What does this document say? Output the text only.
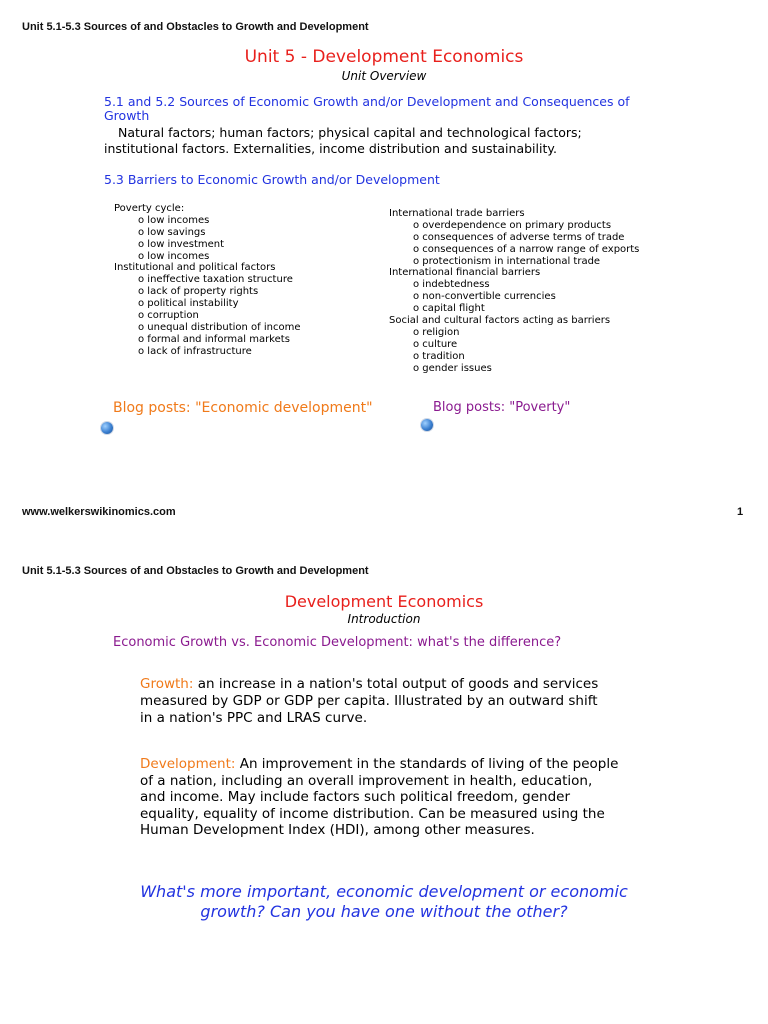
Unit 5.1-5.3 Sources of and Obstacles to Growth and Development
Unit 5 - Development Economics
Unit Overview
5.1 and 5.2 Sources of Economic Growth and/or Development and Consequences of Growth
Natural factors; human factors; physical capital and technological factors; institutional factors. Externalities, income distribution and sustainability.
5.3 Barriers to Economic Growth and/or Development
Poverty cycle:
o low incomes
o low savings
o low investment
o low incomes
Institutional and political factors
o ineffective taxation structure
o lack of property rights
o political instability
o corruption
o unequal distribution of income
o formal and informal markets
o lack of infrastructure
International trade barriers
o overdependence on primary products
o consequences of adverse terms of trade
o consequences of a narrow range of exports
o protectionism in international trade
International financial barriers
o indebtedness
o non-convertible currencies
o capital flight
Social and cultural factors acting as barriers
o religion
o culture
o tradition
o gender issues
Blog posts: "Economic development"	Blog posts: "Poverty"
www.welkerswikinomics.com	1
Unit 5.1-5.3 Sources of and Obstacles to Growth and Development
Development Economics
Introduction
Economic Growth vs. Economic Development: what's the difference?
Growth: an increase in a nation's total output of goods and services measured by GDP or GDP per capita. Illustrated by an outward shift in a nation's PPC and LRAS curve.
Development: An improvement in the standards of living of the people of a nation, including an overall improvement in health, education, and income. May include factors such political freedom, gender equality, equality of income distribution. Can be measured using the Human Development Index (HDI), among other measures.
What's more important, economic development or economic growth? Can you have one without the other?
